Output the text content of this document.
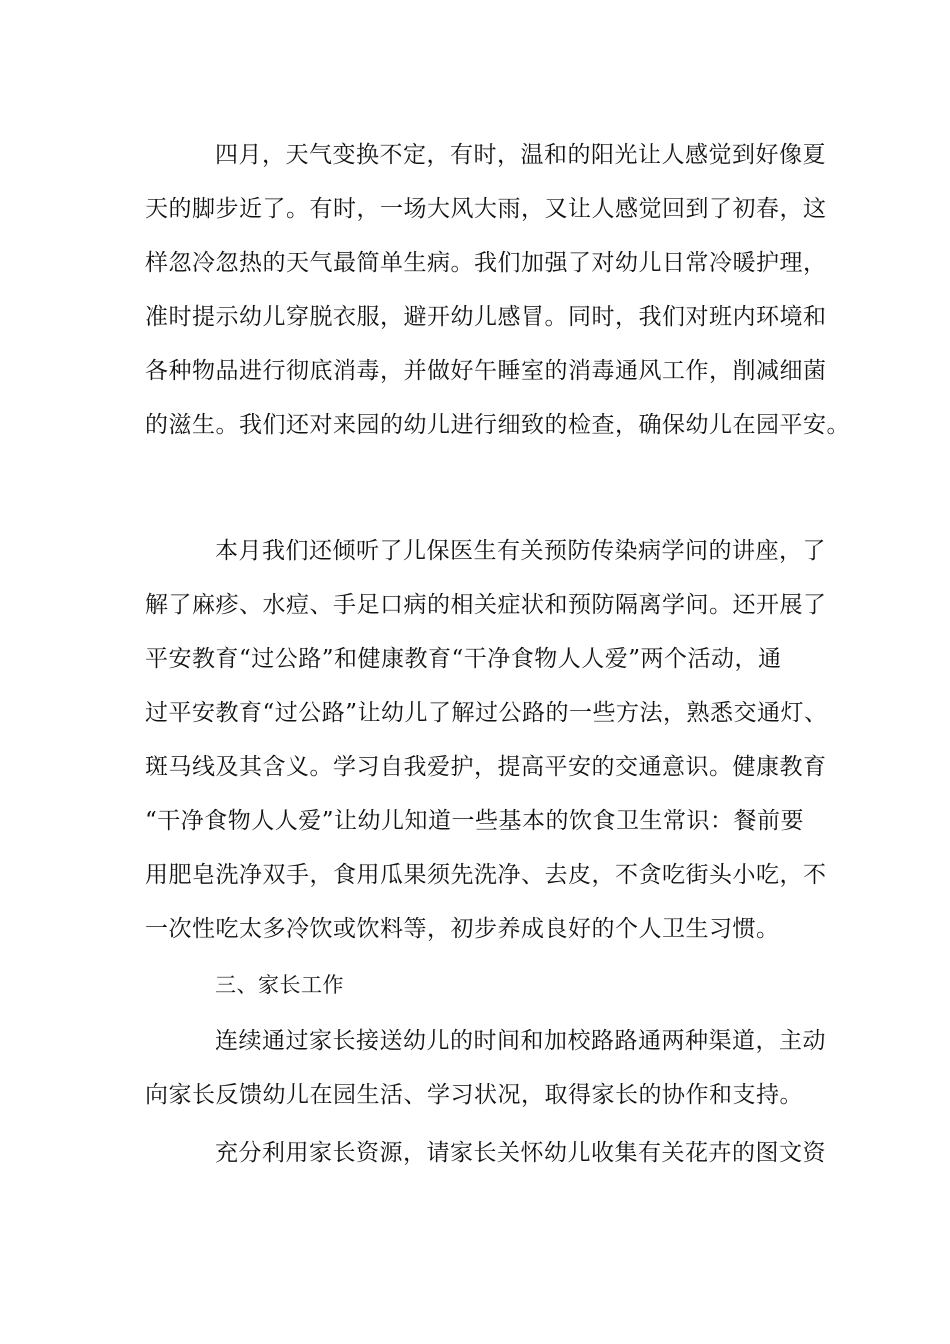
四月，天气变换不定，有时，温和的阳光让人感觉到好像夏
天的脚步近了。有时，一场大风大雨，又让人感觉回到了初春，这
样忽冷忽热的天气最简单生病。我们加强了对幼儿日常冷暖护理，
准时提示幼儿穿脱衣服，避开幼儿感冒。同时，我们对班内环境和
各种物品进行彻底消毒，并做好午睡室的消毒通风工作，削减细菌
的滋生。我们还对来园的幼儿进行细致的检查，确保幼儿在园平安。
本月我们还倾听了儿保医生有关预防传染病学问的讲座，了
解了麻疹、水痘、手足口病的相关症状和预防隔离学问。还开展了
平安教育“过公路”和健康教育“干净食物人人爱”两个活动，通
过平安教育“过公路”让幼儿了解过公路的一些方法，熟悉交通灯、
斑马线及其含义。学习自我爱护，提高平安的交通意识。健康教育
“干净食物人人爱”让幼儿知道一些基本的饮食卫生常识：餐前要
用肥皂洗净双手，食用瓜果须先洗净、去皮，不贪吃街头小吃，不
一次性吃太多冷饮或饮料等，初步养成良好的个人卫生习惯。
三、家长工作
连续通过家长接送幼儿的时间和加校路路通两种渠道，主动
向家长反馈幼儿在园生活、学习状况，取得家长的协作和支持。
充分利用家长资源，请家长关怀幼儿收集有关花卉的图文资
